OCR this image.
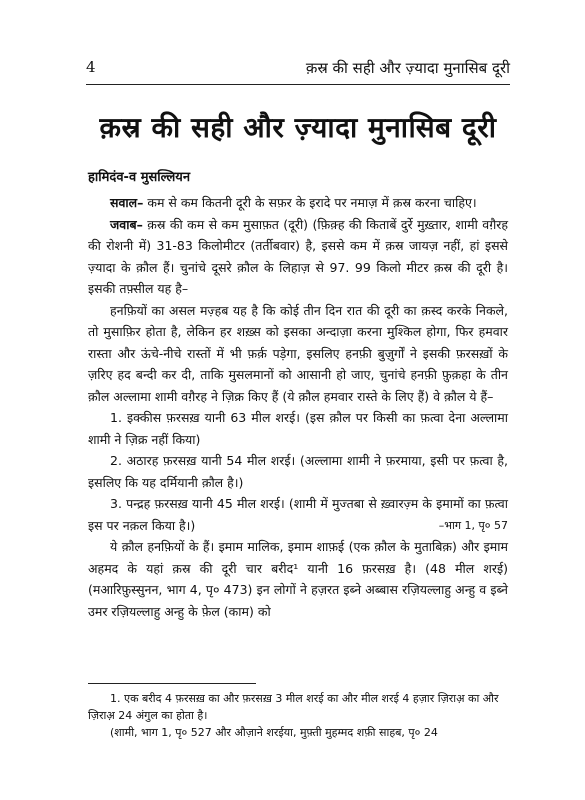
4	क़स्र की सही और ज़्यादा मुनासिब दूरी
क़स्र की सही और ज़्यादा मुनासिब दूरी
हामिदंव-व मुसल्लियन

सवाल– कम से कम कितनी दूरी के सफ़र के इरादे पर नमाज़ में क़स्र करना चाहिए।

जवाब– क़स्र की कम से कम मुसाफ़त (दूरी) (फ़िक़्ह की किताबें दुर्रे मुख़्तार, शामी वग़ैरह की रोशनी में) 31-83 किलोमीटर (तर्तीबवार) है, इससे कम में क़स्र जायज़ नहीं, हां इससे ज़्यादा के क़ौल हैं। चुनांचे दूसरे क़ौल के लिहाज़ से 97. 99 किलो मीटर क़स्र की दूरी है। इसकी तफ़्सील यह है–

हनफ़ियों का असल मज़्हब यह है कि कोई तीन दिन रात की दूरी का क़स्द करके निकले, तो मुसाफ़िर होता है, लेकिन हर शख़्स को इसका अन्दाज़ा करना मुश्किल होगा, फिर हमवार रास्ता और ऊंचे-नीचे रास्तों में भी फ़र्क़ पड़ेगा, इसलिए हनफ़ी बुज़ुर्गों ने इसकी फ़रसख़ों के ज़रिए हद बन्दी कर दी, ताकि मुसलमानों को आसानी हो जाए, चुनांचे हनफ़ी फ़ुक़हा के तीन क़ौल अल्लामा शामी वग़ैरह ने ज़िक्र किए हैं (ये क़ौल हमवार रास्ते के लिए हैं) वे क़ौल ये हैं–

1. इक्कीस फ़रसख़ यानी 63 मील शरई। (इस क़ौल पर किसी का फ़त्वा देना अल्लामा शामी ने ज़िक्र नहीं किया)

2. अठारह फ़रसख़ यानी 54 मील शरई। (अल्लामा शामी ने फ़रमाया, इसी पर फ़त्वा है, इसलिए कि यह दर्मियानी क़ौल है।)

3. पन्द्रह फ़रसख़ यानी 45 मील शरई। (शामी में मुज्तबा से ख़्वारज़्म के इमामों का फ़त्वा इस पर नक़ल किया है।)	–भाग 1, पृ० 57

ये क़ौल हनफ़ियों के हैं। इमाम मालिक, इमाम शाफ़ई (एक क़ौल के मुताबिक़) और इमाम अहमद के यहां क़स्र की दूरी चार बरीद¹ यानी 16 फ़रसख़ है। (48 मील शरई) (मआरिफ़ुस्सुनन, भाग 4, पृ० 473) इन लोगों ने हज़रत इब्ने अब्बास रज़ियल्लाहु अन्हु व इब्ने उमर रज़ियल्लाहु अन्हु के फ़ेल (काम) को

1. एक बरीद 4 फ़रसख़ का और फ़रसख़ 3 मील शरई का और मील शरई 4 हज़ार ज़िराअ़ का और ज़िराअ़ 24 अंगुल का होता है।

(शामी, भाग 1, पृ० 527 और औज़ाने शरईया, मुफ़्ती मुहम्मद शफ़ी साहब, पृ० 24
